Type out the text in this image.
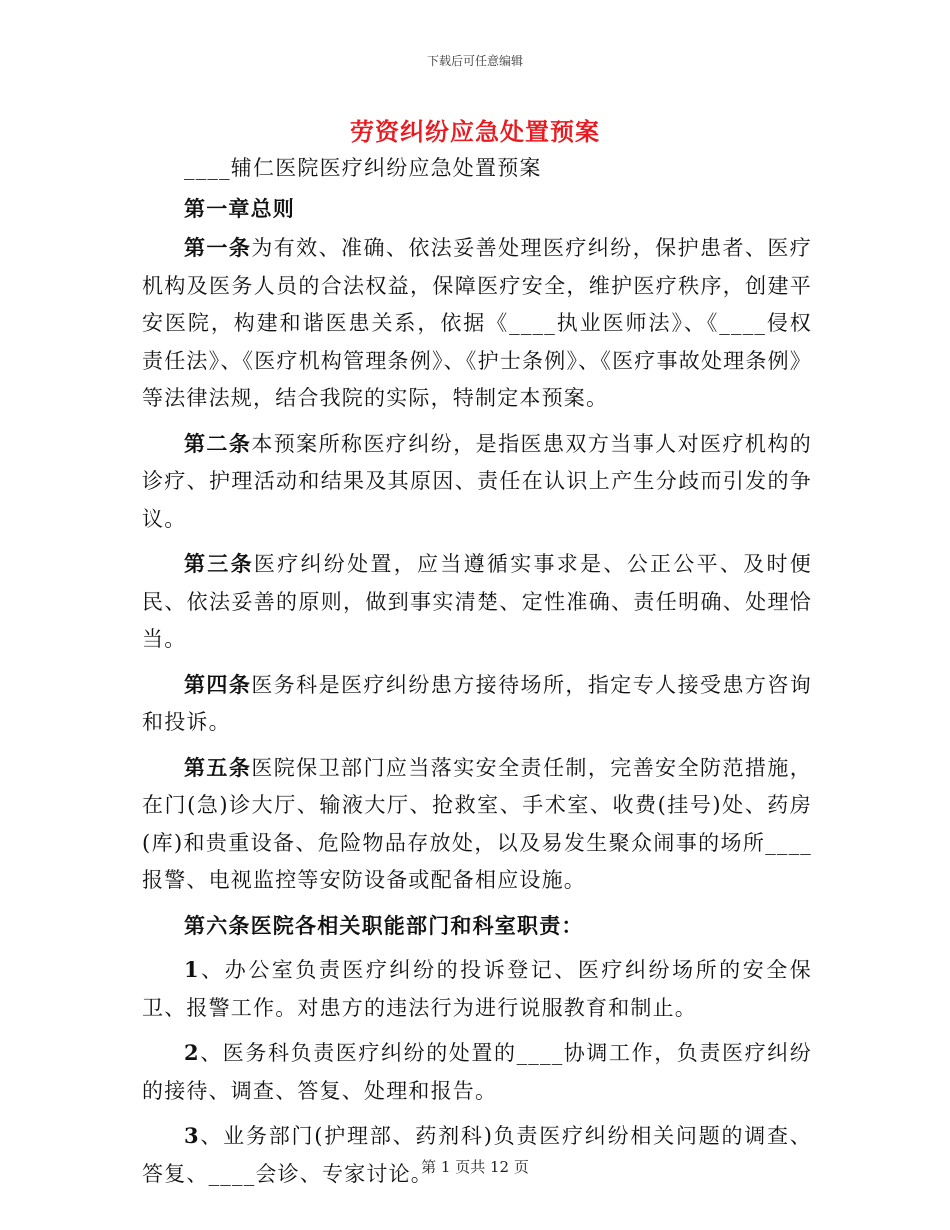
下载后可任意编辑
劳资纠纷应急处置预案

____辅仁医院医疗纠纷应急处置预案

第一章总则

第一条为有效、准确、依法妥善处理医疗纠纷，保护患者、医疗机构及医务人员的合法权益，保障医疗安全，维护医疗秩序，创建平安医院，构建和谐医患关系，依据《____执业医师法》、《____侵权责任法》、《医疗机构管理条例》、《护士条例》、《医疗事故处理条例》等法律法规，结合我院的实际，特制定本预案。

第二条本预案所称医疗纠纷，是指医患双方当事人对医疗机构的诊疗、护理活动和结果及其原因、责任在认识上产生分歧而引发的争议。

第三条医疗纠纷处置，应当遵循实事求是、公正公平、及时便民、依法妥善的原则，做到事实清楚、定性准确、责任明确、处理恰当。

第四条医务科是医疗纠纷患方接待场所，指定专人接受患方咨询和投诉。

第五条医院保卫部门应当落实安全责任制，完善安全防范措施，在门(急)诊大厅、输液大厅、抢救室、手术室、收费(挂号)处、药房(库)和贵重设备、危险物品存放处，以及易发生聚众闹事的场所____报警、电视监控等安防设备或配备相应设施。

第六条医院各相关职能部门和科室职责：

1、办公室负责医疗纠纷的投诉登记、医疗纠纷场所的安全保卫、报警工作。对患方的违法行为进行说服教育和制止。

2、医务科负责医疗纠纷的处置的____协调工作，负责医疗纠纷的接待、调查、答复、处理和报告。

3、业务部门(护理部、药剂科)负责医疗纠纷相关问题的调查、答复、____会诊、专家讨论。

第 1 页共 12 页
